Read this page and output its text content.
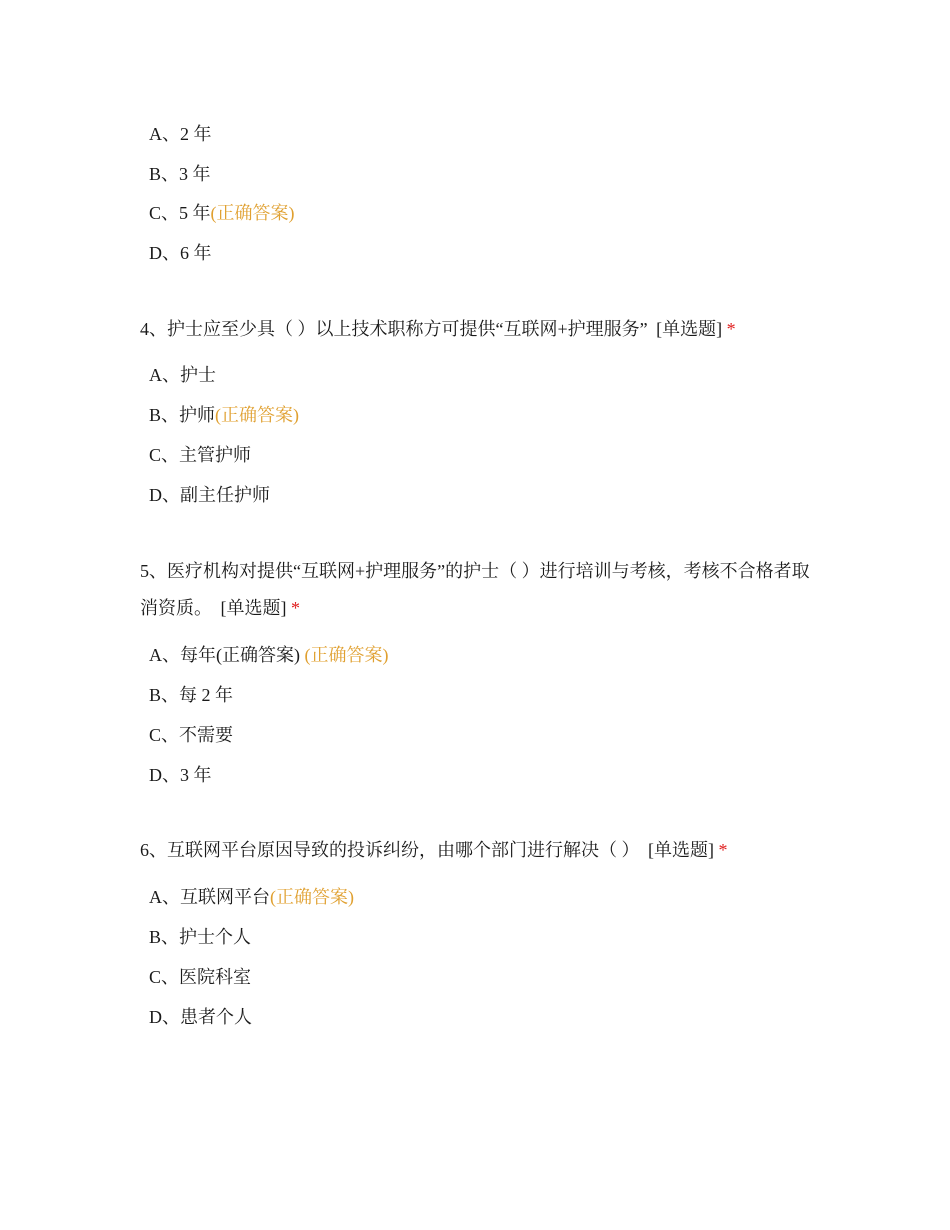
A、2 年
B、3 年
C、5 年(正确答案)
D、6 年
4、护士应至少具（ ）以上技术职称方可提供“互联网+护理服务” [单选题] *
A、护士
B、护师(正确答案)
C、主管护师
D、副主任护师
5、医疗机构对提供“互联网+护理服务”的护士（ ）进行培训与考核，考核不合格者取消资质。 [单选题] *
A、每年(正确答案) (正确答案)
B、每 2 年
C、不需要
D、3 年
6、互联网平台原因导致的投诉纠纷，由哪个部门进行解决（ ） [单选题] *
A、互联网平台(正确答案)
B、护士个人
C、医院科室
D、患者个人
